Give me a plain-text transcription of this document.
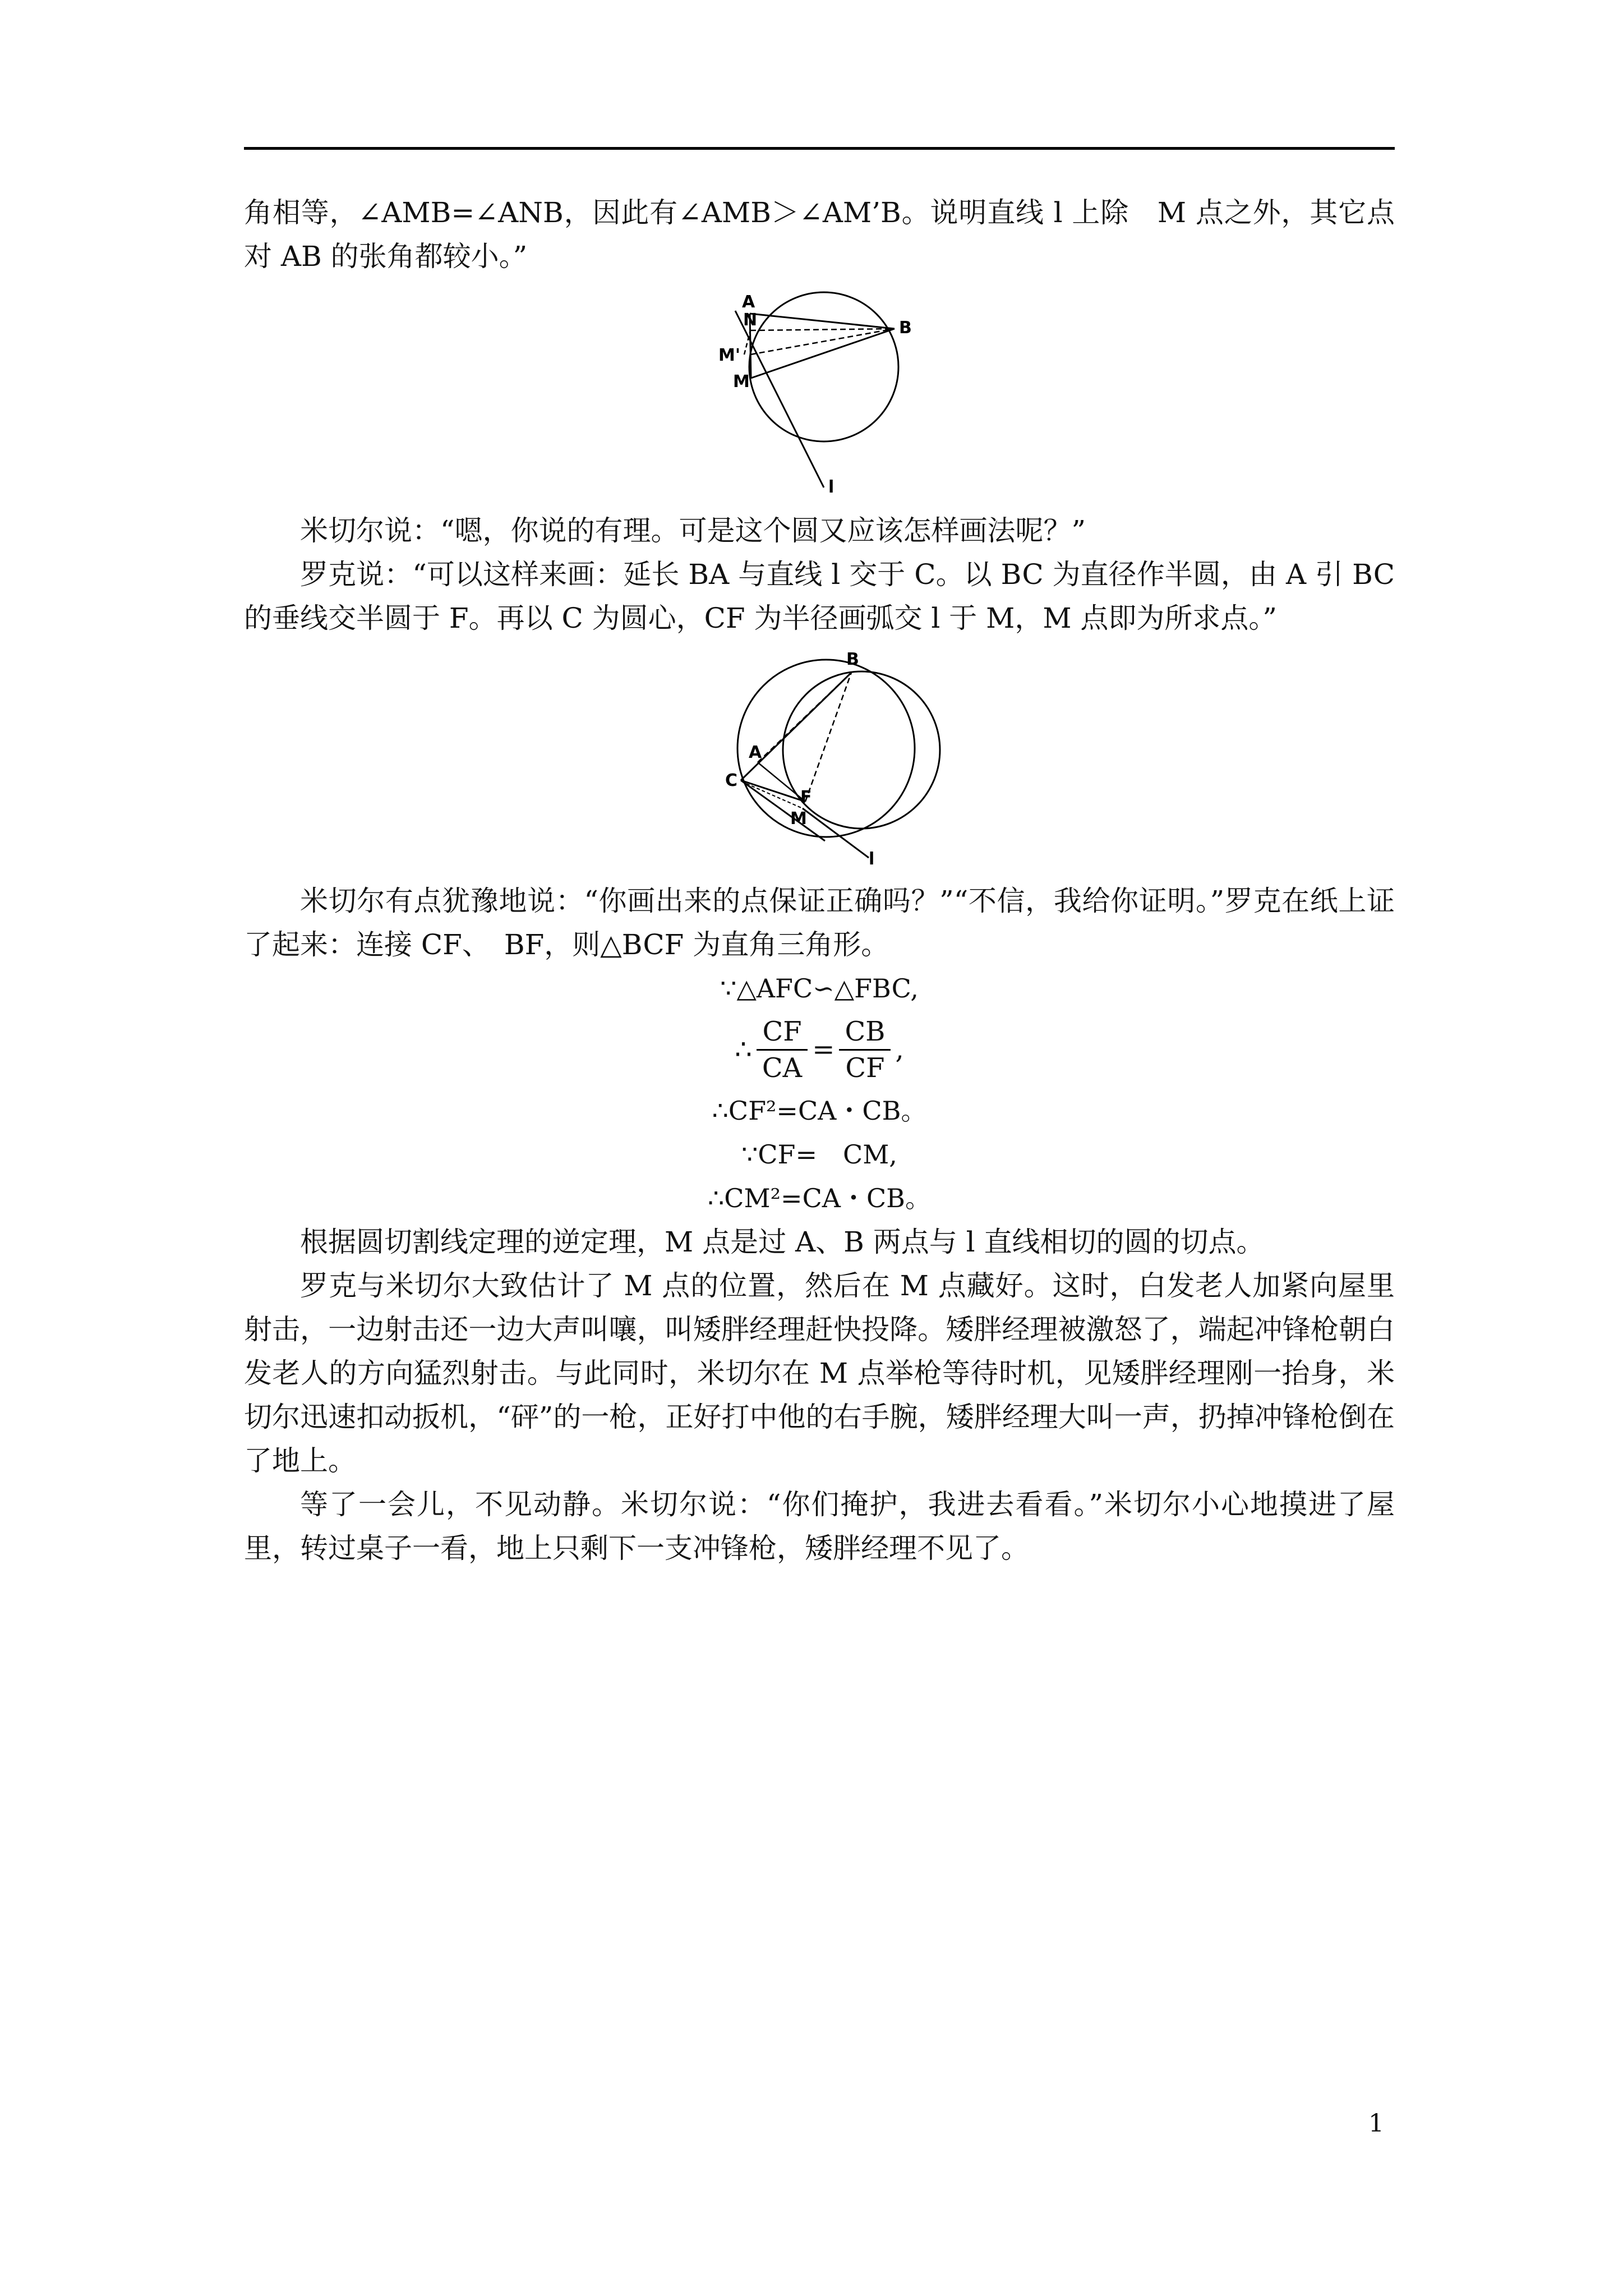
角相等，∠AMB=∠ANB，因此有∠AMB＞∠AM’B。说明直线 l 上除　M 点之外，其它点对 AB 的张角都较小。”

A
N	B
M'
M
l

米切尔说：“嗯，你说的有理。可是这个圆又应该怎样画法呢？”

罗克说：“可以这样来画：延长 BA 与直线 l 交于 C。以 BC 为直径作半圆，由 A 引 BC 的垂线交半圆于 F。再以 C 为圆心，CF 为半径画弧交 l 于 M，M 点即为所求点。”

B
A
C
F
M
l

米切尔有点犹豫地说：“你画出来的点保证正确吗？”“不信，我给你证明。”罗克在纸上证了起来：连接 CF、　BF，则△BCF 为直角三角形。

∵△AFC∽△FBC,
∴ $\frac{CF}{CA} = \frac{CB}{CF}$ ,
∴CF²=CA・CB。
∵CF=　CM,
∴CM²=CA・CB。

根据圆切割线定理的逆定理，M 点是过 A、B 两点与 l 直线相切的圆的切点。

罗克与米切尔大致估计了 M 点的位置，然后在 M 点藏好。这时，白发老人加紧向屋里射击，一边射击还一边大声叫嚷，叫矮胖经理赶快投降。矮胖经理被激怒了，端起冲锋枪朝白发老人的方向猛烈射击。与此同时，米切尔在 M 点举枪等待时机，见矮胖经理刚一抬身，米切尔迅速扣动扳机，“砰”的一枪，正好打中他的右手腕，矮胖经理大叫一声，扔掉冲锋枪倒在了地上。

等了一会儿，不见动静。米切尔说：“你们掩护，我进去看看。”米切尔小心地摸进了屋里，转过桌子一看，地上只剩下一支冲锋枪，矮胖经理不见了。

1
